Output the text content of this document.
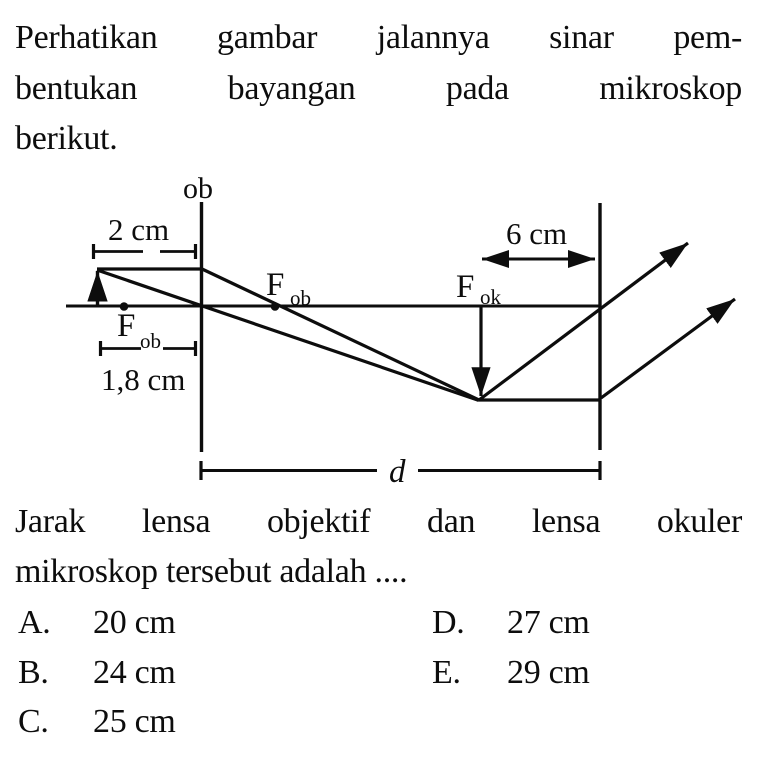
Perhatikan gambar jalannya sinar pem-
bentukan bayangan pada mikroskop
berikut.
ob
2 cm
1,8 cm
6 cm
F ob
F ob	F ok
d
Jarak lensa objektif dan lensa okuler
mikroskop tersebut adalah ....
A. 20 cm	D. 27 cm
B. 24 cm	E. 29 cm
C. 25 cm
